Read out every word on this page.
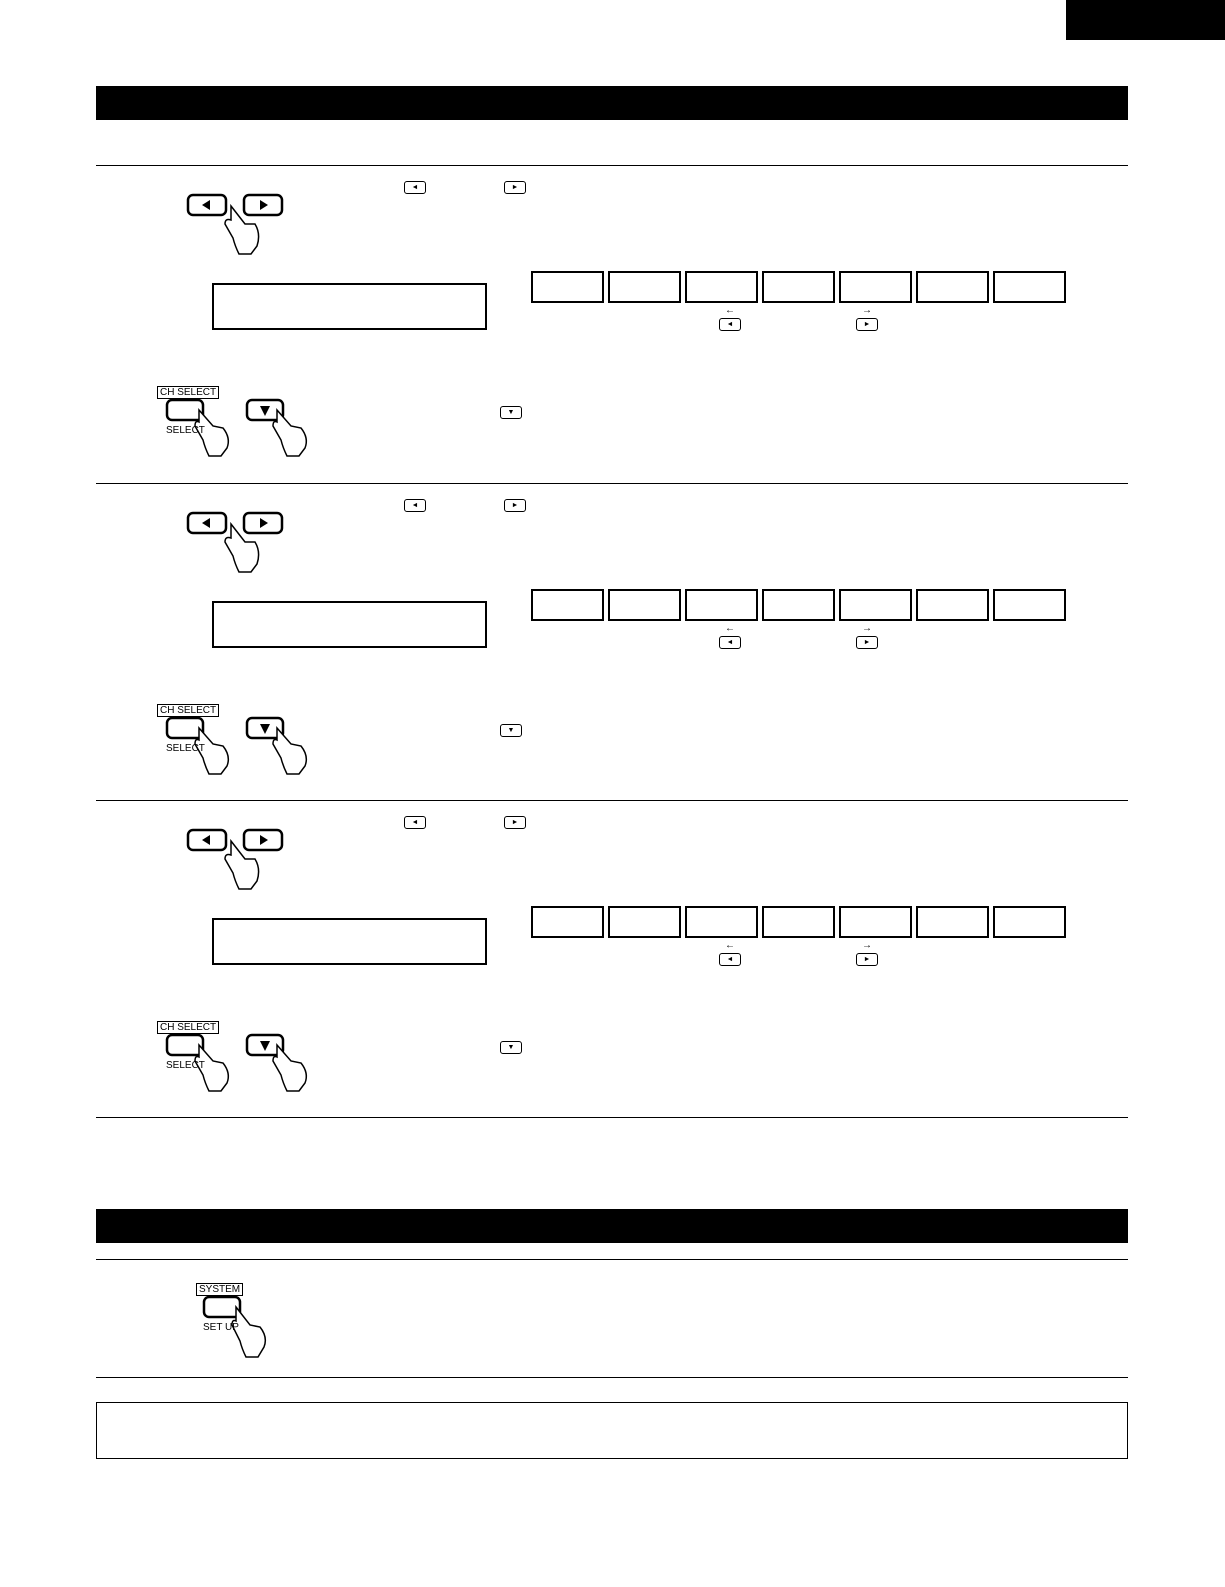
◄	►
←
◄
→
►
CH SELECT
SELECT
▼
◄	►
←
◄
→
►
CH SELECT
SELECT
▼
◄	►
←
◄
→
►
CH SELECT
SELECT
▼
SYSTEM
SET UP
